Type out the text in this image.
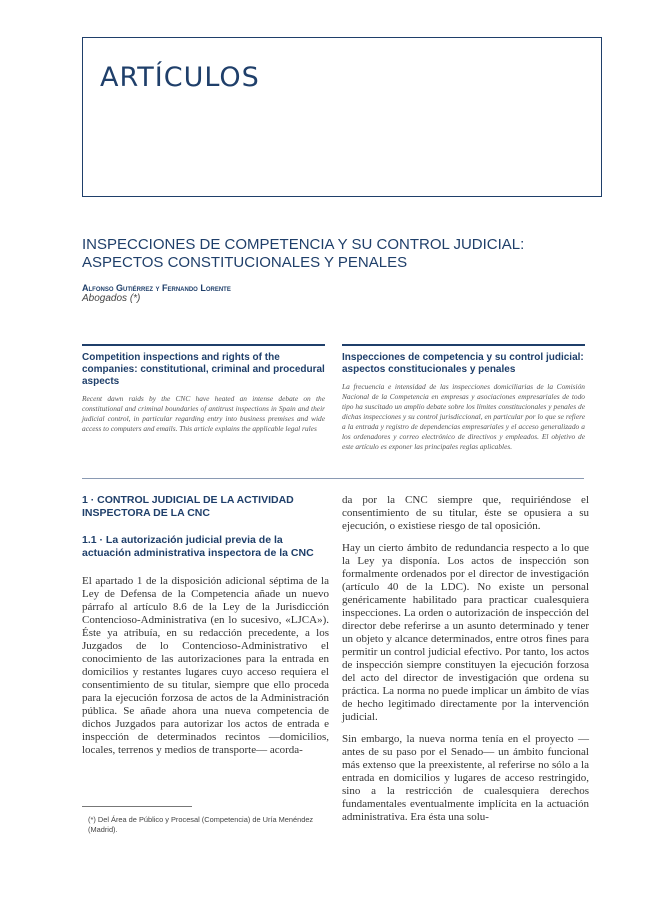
ARTÍCULOS
INSPECCIONES DE COMPETENCIA Y SU CONTROL JUDICIAL:
ASPECTOS CONSTITUCIONALES Y PENALES
Alfonso Gutiérrez y Fernando Lorente
Abogados (*)
Competition inspections and rights of the companies: constitutional, criminal and procedural aspects
Recent dawn raids by the CNC have heated an intense debate on the constitutional and criminal boundaries of antitrust inspections in Spain and their judicial control, in particular regarding entry into business premises and wide access to computers and emails. This article explains the applicable legal rules
Inspecciones de competencia y su control judicial: aspectos constitucionales y penales
La frecuencia e intensidad de las inspecciones domiciliarias de la Comisión Nacional de la Competencia en empresas y asociaciones empresariales de todo tipo ha suscitado un amplio debate sobre los límites constitucionales y penales de dichas inspecciones y su control jurisdiccional, en particular por lo que se refiere a la entrada y registro de dependencias empresariales y el acceso generalizado a los ordenadores y correo electrónico de directivos y empleados. El objetivo de este artículo es exponer las principales reglas aplicables.
1 · CONTROL JUDICIAL DE LA ACTIVIDAD INSPECTORA DE LA CNC
1.1 · La autorización judicial previa de la actuación administrativa inspectora de la CNC

El apartado 1 de la disposición adicional séptima de la Ley de Defensa de la Competencia añade un nuevo párrafo al artículo 8.6 de la Ley de la Jurisdicción Contencioso-Administrativa (en lo sucesivo, «LJCA»). Éste ya atribuía, en su redacción precedente, a los Juzgados de lo Contencioso-Administrativo el conocimiento de las autorizaciones para la entrada en domicilios y restantes lugares cuyo acceso requiera el consentimiento de su titular, siempre que ello proceda para la ejecución forzosa de actos de la Administración pública. Se añade ahora una nueva competencia de dichos Juzgados para autorizar los actos de entrada e inspección de determinados recintos —domicilios, locales, terrenos y medios de transporte— acorda-

da por la CNC siempre que, requiriéndose el consentimiento de su titular, éste se opusiera a su ejecución, o existiese riesgo de tal oposición.

Hay un cierto ámbito de redundancia respecto a lo que la Ley ya disponía. Los actos de inspección son formalmente ordenados por el director de investigación (artículo 40 de la LDC). No existe un personal genéricamente habilitado para practicar cualesquiera inspecciones. La orden o autorización de inspección del director debe referirse a un asunto determinado y tener un objeto y alcance determinados, entre otros fines para permitir un control judicial efectivo. Por tanto, los actos de inspección siempre constituyen la ejecución forzosa del acto del director de investigación que ordena su práctica. La norma no puede implicar un ámbito de vías de hecho legitimado directamente por la intervención judicial.

Sin embargo, la nueva norma tenía en el proyecto —antes de su paso por el Senado— un ámbito funcional más extenso que la preexistente, al referirse no sólo a la entrada en domicilios y lugares de acceso restringido, sino a la restricción de cualesquiera derechos fundamentales eventualmente implícita en la actuación administrativa. Era ésta una solu-

(*) Del Área de Público y Procesal (Competencia) de Uría Menéndez (Madrid).
